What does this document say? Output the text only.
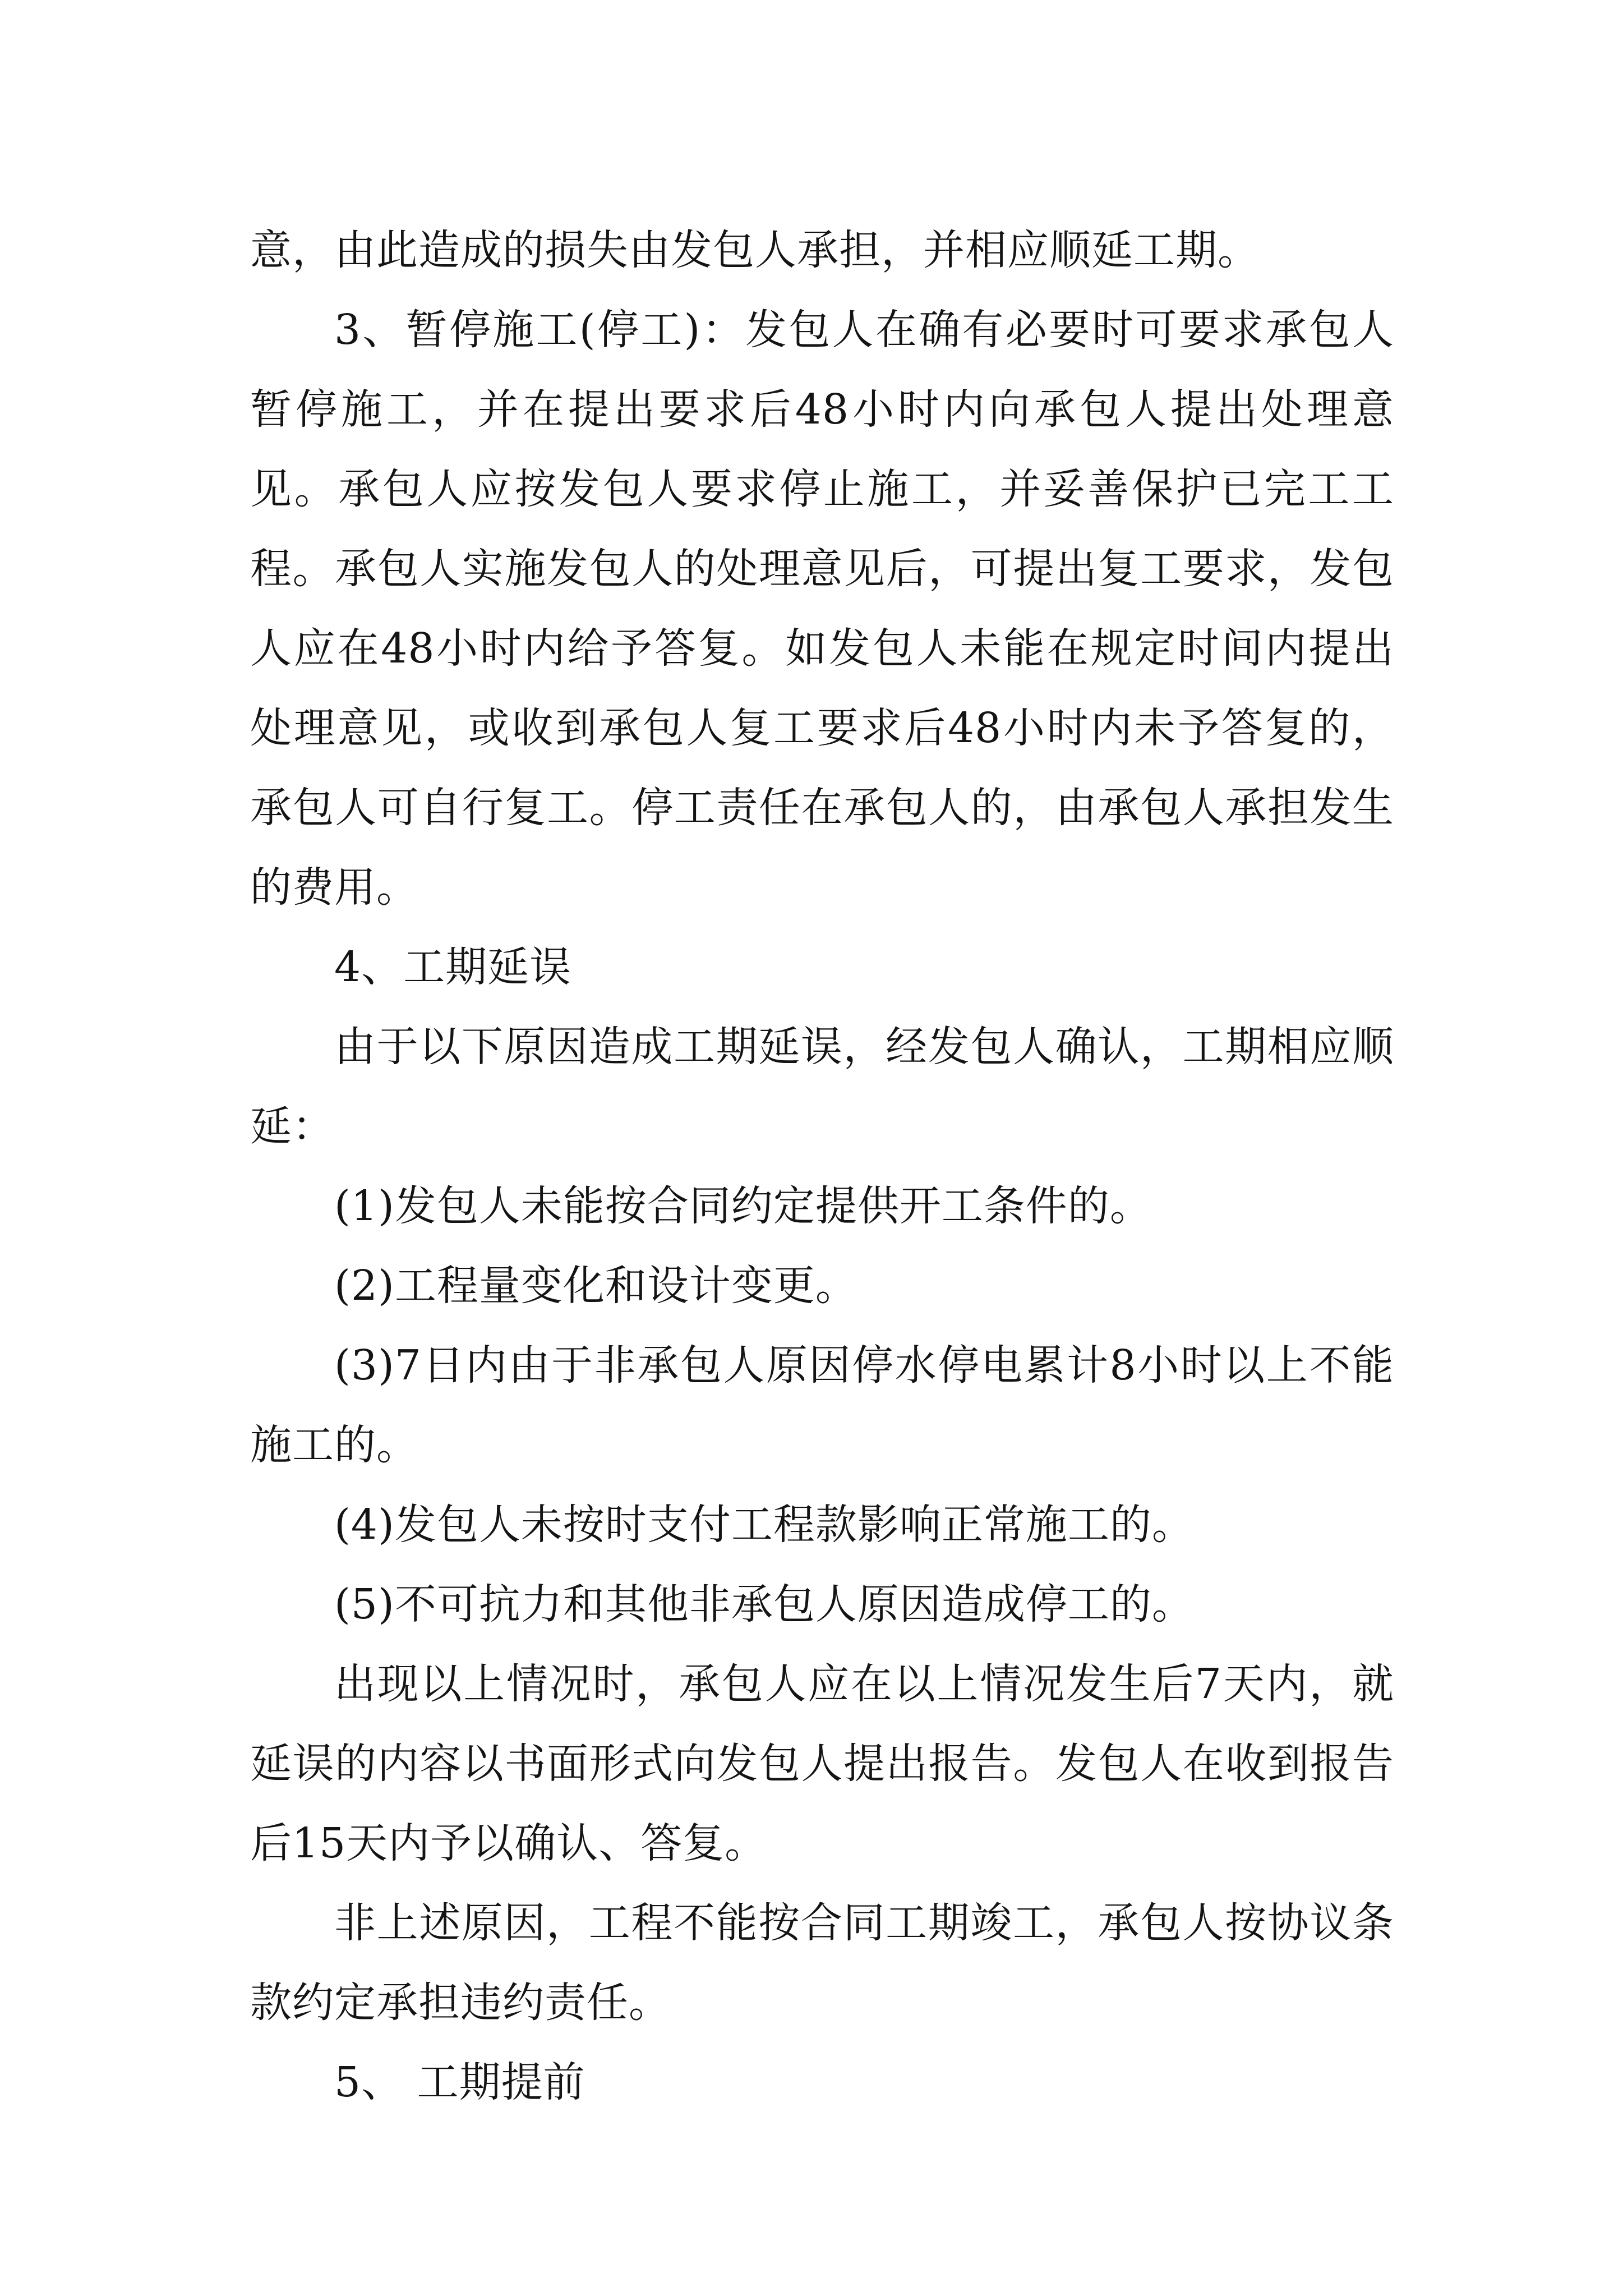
意，由此造成的损失由发包人承担，并相应顺延工期。

3、暂停施工(停工)：发包人在确有必要时可要求承包人暂停施工，并在提出要求后48小时内向承包人提出处理意见。承包人应按发包人要求停止施工，并妥善保护已完工工程。承包人实施发包人的处理意见后，可提出复工要求，发包人应在48小时内给予答复。如发包人未能在规定时间内提出处理意见，或收到承包人复工要求后48小时内未予答复的，承包人可自行复工。停工责任在承包人的，由承包人承担发生的费用。

4、工期延误

由于以下原因造成工期延误，经发包人确认，工期相应顺延：

(1)发包人未能按合同约定提供开工条件的。

(2)工程量变化和设计变更。

(3)7日内由于非承包人原因停水停电累计8小时以上不能施工的。

(4)发包人未按时支付工程款影响正常施工的。

(5)不可抗力和其他非承包人原因造成停工的。

出现以上情况时，承包人应在以上情况发生后7天内，就延误的内容以书面形式向发包人提出报告。发包人在收到报告后15天内予以确认、答复。

非上述原因，工程不能按合同工期竣工，承包人按协议条款约定承担违约责任。

5、 工期提前
